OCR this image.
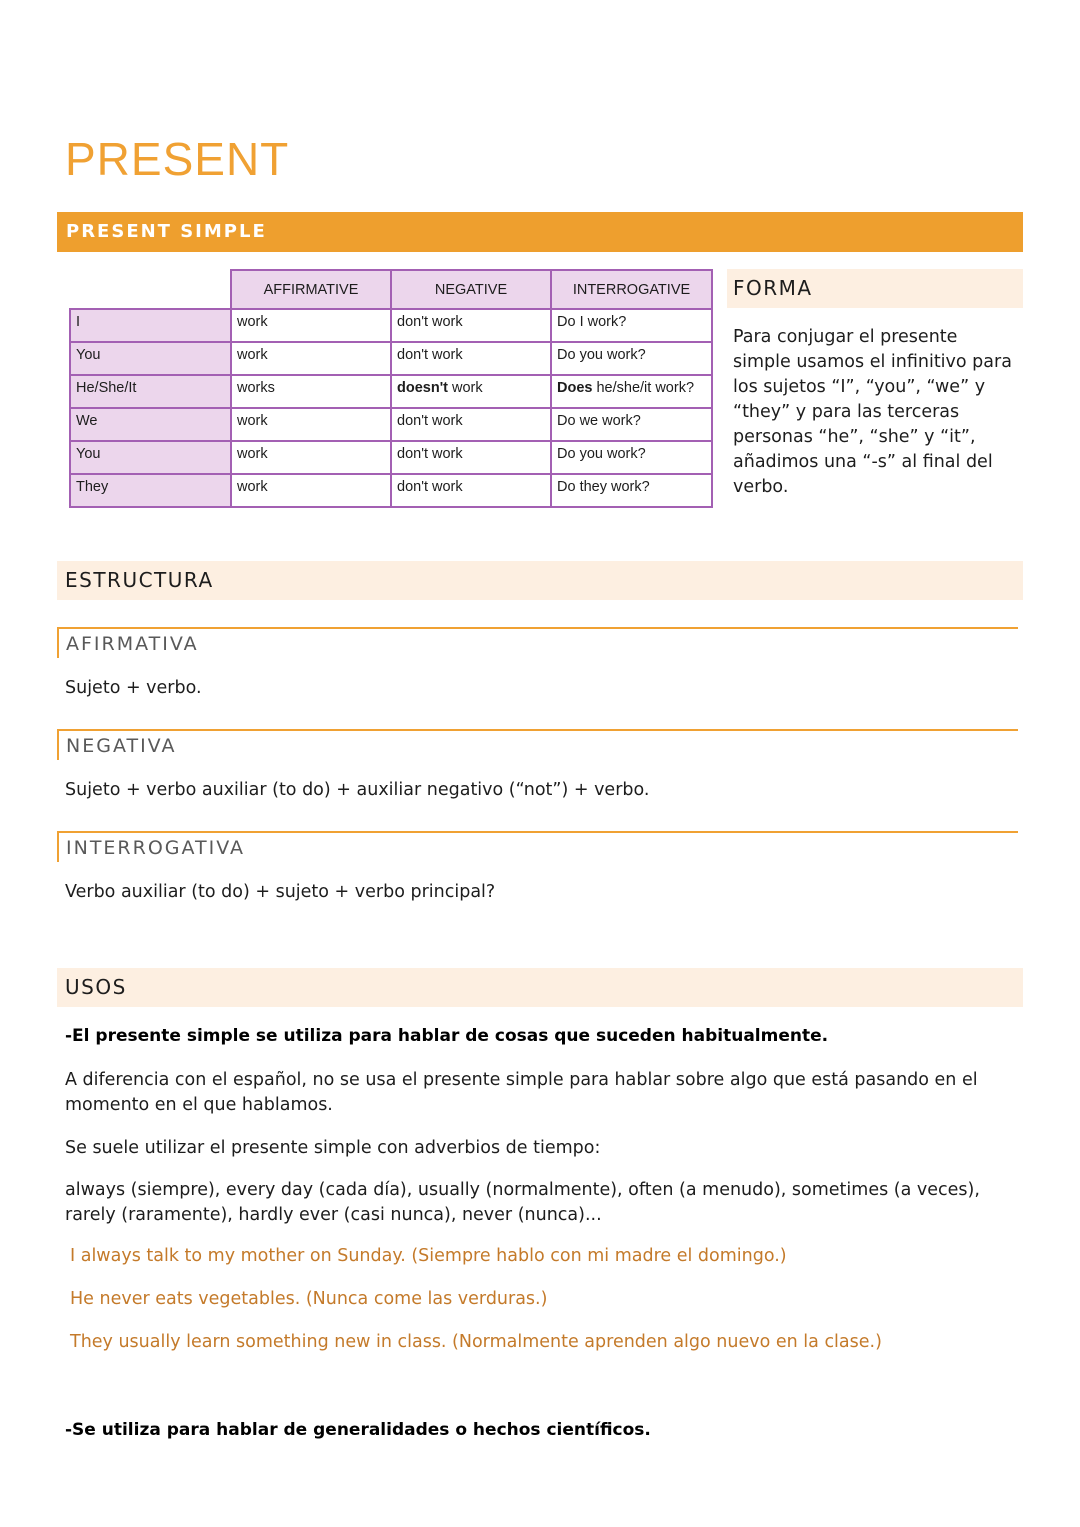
PRESENT
PRESENT SIMPLE
	AFFIRMATIVE	NEGATIVE	INTERROGATIVE
I	work	don't work	Do I work?
You	work	don't work	Do you work?
He/She/It	works	doesn't work	Does he/she/it work?
We	work	don't work	Do we work?
You	work	don't work	Do you work?
They	work	don't work	Do they work?
FORMA
Para conjugar el presente simple usamos el infinitivo para los sujetos “I”, “you”, “we” y “they” y para las terceras personas “he”, “she” y “it”, añadimos una “-s” al final del verbo.
ESTRUCTURA
AFIRMATIVA
Sujeto + verbo.
NEGATIVA
Sujeto + verbo auxiliar (to do) + auxiliar negativo (“not”) + verbo.
INTERROGATIVA
Verbo auxiliar (to do) + sujeto + verbo principal?
USOS
-El presente simple se utiliza para hablar de cosas que suceden habitualmente.
A diferencia con el español, no se usa el presente simple para hablar sobre algo que está pasando en el momento en el que hablamos.
Se suele utilizar el presente simple con adverbios de tiempo:
always (siempre), every day (cada día), usually (normalmente), often (a menudo), sometimes (a veces), rarely (raramente), hardly ever (casi nunca), never (nunca)...
I always talk to my mother on Sunday. (Siempre hablo con mi madre el domingo.)
He never eats vegetables. (Nunca come las verduras.)
They usually learn something new in class. (Normalmente aprenden algo nuevo en la clase.)
-Se utiliza para hablar de generalidades o hechos científicos.
